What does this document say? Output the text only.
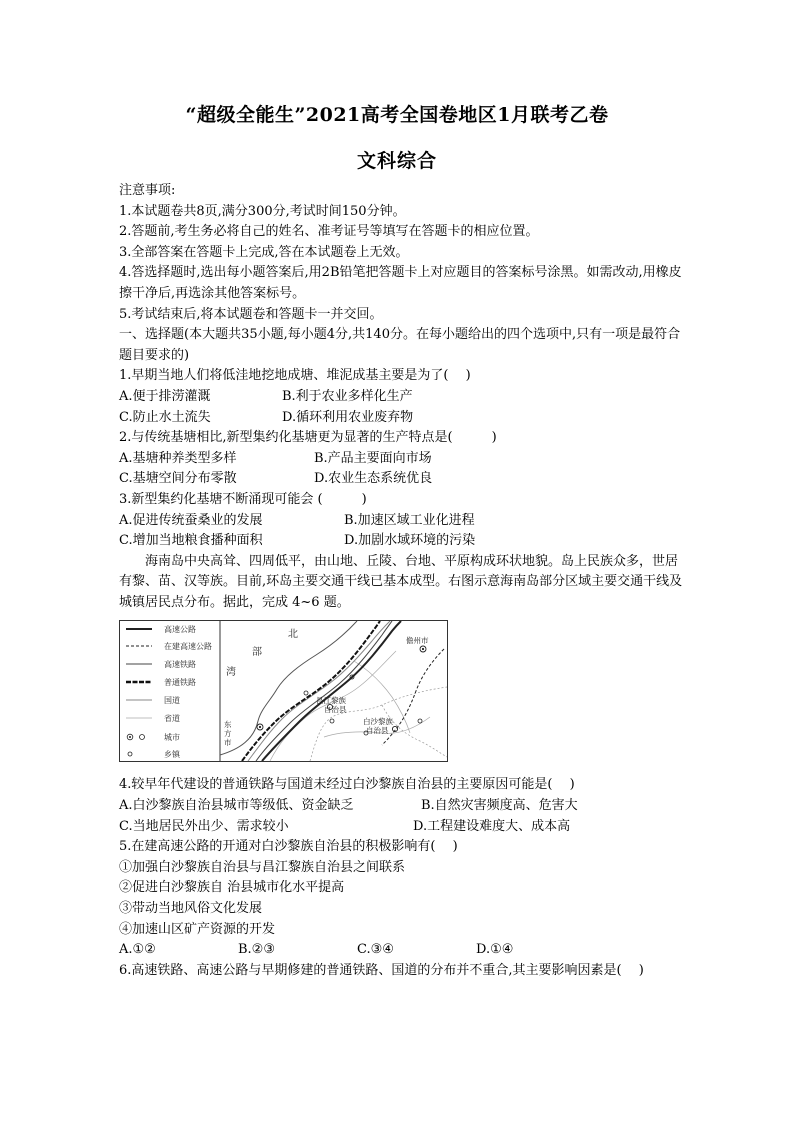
“超级全能生”2021高考全国卷地区1月联考乙卷
文科综合
注意事项:
1.本试题卷共8页,满分300分,考试时间150分钟。
2.答题前,考生务必将自己的姓名、准考证号等填写在答题卡的相应位置。
3.全部答案在答题卡上完成,答在本试题卷上无效。
4.答选择题时,选出每小题答案后,用2B铅笔把答题卡上对应题目的答案标号涂黑。如需改动,用橡皮擦干净后,再选涂其他答案标号。
5.考试结束后,将本试题卷和答题卡一并交回。
一、选择题(本大题共35小题,每小题4分,共140分。在每小题给出的四个选项中,只有一项是最符合题目要求的)
1.早期当地人们将低洼地挖地成塘、堆泥成基主要是为了(　 )
A.便于排涝灌溉	B.利于农业多样化生产
C.防止水土流失	D.循环利用农业废弃物
2.与传统基塘相比,新型集约化基塘更为显著的生产特点是(　　　)
A.基塘种养类型多样	B.产品主要面向市场
C.基塘空间分布零散	D.农业生态系统优良
3.新型集约化基塘不断涌现可能会 (　　　)
A.促进传统蚕桑业的发展	B.加速区域工业化进程
C.增加当地粮食播种面积	D.加剧水域环境的污染
海南岛中央高耸、四周低平，由山地、丘陵、台地、平原构成环状地貌。岛上民族众多，世居有黎、苗、汉等族。目前,环岛主要交通干线已基本成型。右图示意海南岛部分区域主要交通干线及城镇居民点分布。据此，完成 4~6 题。
高速公路
在建高速公路
高速铁路
普通铁路
国道
省道
城市
乡镇
北
部
湾
东 方 市
儋州市
昌江黎族
自治县
白沙黎族
自治县
4.较早年代建设的普通铁路与国道未经过白沙黎族自治县的主要原因可能是(　 )
A.白沙黎族自治县城市等级低、资金缺乏	B.自然灾害频度高、危害大
C.当地居民外出少、需求较小	D.工程建设难度大、成本高
5.在建高速公路的开通对白沙黎族自治县的积极影响有(　 )
①加强白沙黎族自治县与昌江黎族自治县之间联系
②促进白沙黎族自 治县城市化水平提高
③带动当地风俗文化发展
④加速山区矿产资源的开发
A.①②	B.②③	C.③④	D.①④
6.高速铁路、高速公路与早期修建的普通铁路、国道的分布并不重合,其主要影响因素是(　 )
